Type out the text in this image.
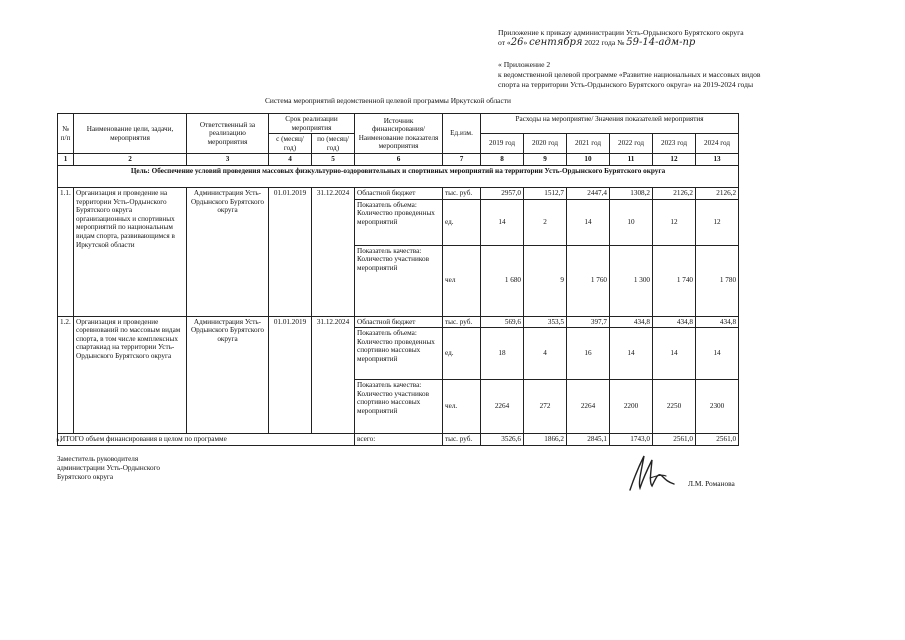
Приложение к приказу администрации Усть-Ордынского Бурятского округа
от «26» сентября 2022 года № 59-14-адм-пр
« Приложение 2
к ведомственной целевой программе «Развитие национальных и массовых видов
спорта на территории Усть-Ордынского Бурятского округа» на 2019-2024 годы
Система мероприятий ведомственной целевой программы Иркутской области
№ п/п	Наименование цели, задачи, мероприятия	Ответственный за реализацию мероприятия	Срок реализации мероприятия		Источник финансирования/ Наименование показателя мероприятия	Ед.изм.	Расходы на мероприятие/ Значения показателей мероприятия					
			с (месяц/год)	по (месяц/год)			2019 год	2020 год	2021 год	2022 год	2023 год	2024 год
1	2	3	4	5	6	7	8	9	10	11	12	13
Цель: Обеспечение условий проведения массовых физкультурно-оздоровительных и спортивных мероприятий на территории Усть-Ордынского Бурятского округа												
1.1.	Организация и проведение на территории Усть-Ордынского Бурятского округа организационных и спортивных мероприятий по национальным видам спорта, развивающимся в Иркутской области	Администрация Усть-Ордынского Бурятского округа	01.01.2019	31.12.2024	Областной бюджет	тыс. руб.	2957,0	1512,7	2447,4	1308,2	2126,2	2126,2
					Показатель объема: Количество проведенных мероприятий	ед.	14	2	14	10	12	12
					Показатель качества: Количество участников мероприятий	чел	1 680	9	1 760	1 300	1 740	1 780
1.2.	Организация и проведение соревнований по массовым видам спорта, в том числе комплексных спартакиад на территории Усть-Ордынского Бурятского округа	Администрация Усть-Ордынского Бурятского округа	01.01.2019	31.12.2024	Областной бюджет	тыс. руб.	569,6	353,5	397,7	434,8	434,8	434,8
					Показатель объема: Количество проведенных спортивно массовых мероприятий	ед.	18	4	16	14	14	14
					Показатель качества: Количество участников спортивно массовых мероприятий	чел.	2264	272	2264	2200	2250	2300
ИТОГО объем финансирования в целом по программе					всего:	тыс. руб.	3526,6	1866,2	2845,1	1743,0	2561,0	2561,0
».
Заместитель руководителя
администрации Усть-Ордынского
Бурятского округа
Л.М. Романова
